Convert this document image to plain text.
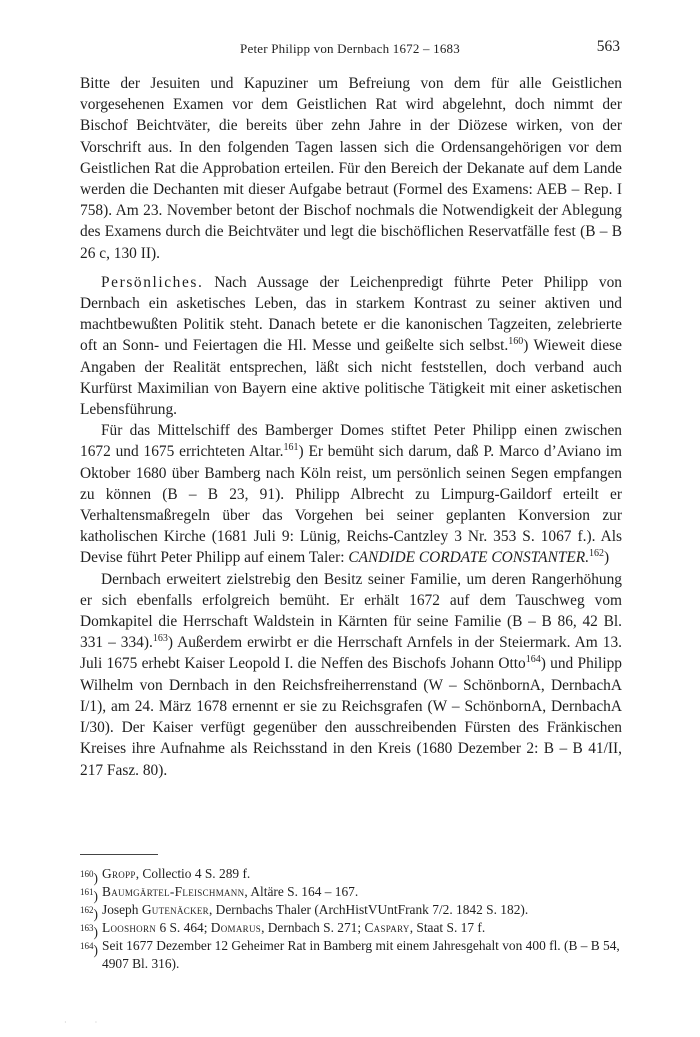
Peter Philipp von Dernbach 1672 – 1683	563

Bitte der Jesuiten und Kapuziner um Befreiung von dem für alle Geistlichen vorgesehenen Examen vor dem Geistlichen Rat wird abgelehnt, doch nimmt der Bischof Beichtväter, die bereits über zehn Jahre in der Diözese wirken, von der Vorschrift aus. In den folgenden Tagen lassen sich die Ordensangehörigen vor dem Geistlichen Rat die Approbation erteilen. Für den Bereich der Dekanate auf dem Lande werden die Dechanten mit dieser Aufgabe betraut (Formel des Examens: AEB – Rep. I 758). Am 23. November betont der Bischof nochmals die Notwendigkeit der Ablegung des Examens durch die Beichtväter und legt die bischöflichen Reservatfälle fest (B – B 26 c, 130 II).

Persönliches. Nach Aussage der Leichenpredigt führte Peter Philipp von Dernbach ein asketisches Leben, das in starkem Kontrast zu seiner aktiven und machtbewußten Politik steht. Danach betete er die kanonischen Tagzeiten, zelebrierte oft an Sonn- und Feiertagen die Hl. Messe und geißelte sich selbst.$^{160}$) Wieweit diese Angaben der Realität entsprechen, läßt sich nicht feststellen, doch verband auch Kurfürst Maximilian von Bayern eine aktive politische Tätigkeit mit einer asketischen Lebensführung.

Für das Mittelschiff des Bamberger Domes stiftet Peter Philipp einen zwischen 1672 und 1675 errichteten Altar.$^{161}$) Er bemüht sich darum, daß P. Marco d’Aviano im Oktober 1680 über Bamberg nach Köln reist, um persönlich seinen Segen empfangen zu können (B – B 23, 91). Philipp Albrecht zu Limpurg-Gaildorf erteilt er Verhaltensmaßregeln über das Vorgehen bei seiner geplanten Konversion zur katholischen Kirche (1681 Juli 9: Lünig, Reichs-Cantzley 3 Nr. 353 S. 1067 f.). Als Devise führt Peter Philipp auf einem Taler: CANDIDE CORDATE CONSTANTER.$^{162}$)

Dernbach erweitert zielstrebig den Besitz seiner Familie, um deren Rangerhöhung er sich ebenfalls erfolgreich bemüht. Er erhält 1672 auf dem Tauschweg vom Domkapitel die Herrschaft Waldstein in Kärnten für seine Familie (B – B 86, 42 Bl. 331 – 334).$^{163}$) Außerdem erwirbt er die Herrschaft Arnfels in der Steiermark. Am 13. Juli 1675 erhebt Kaiser Leopold I. die Neffen des Bischofs Johann Otto$^{164}$) und Philipp Wilhelm von Dernbach in den Reichsfreiherrenstand (W – SchönbornA, DernbachA I/1), am 24. März 1678 ernennt er sie zu Reichsgrafen (W – SchönbornA, DernbachA I/30). Der Kaiser verfügt gegenüber den ausschreibenden Fürsten des Fränkischen Kreises ihre Aufnahme als Reichsstand in den Kreis (1680 Dezember 2: B – B 41/II, 217 Fasz. 80).

$^{160}$) Gropp, Collectio 4 S. 289 f.
$^{161}$) Baumgärtel-Fleischmann, Altäre S. 164 – 167.
$^{162}$) Joseph Gutenäcker, Dernbachs Thaler (ArchHistVUntFrank 7/2. 1842 S. 182).
$^{163}$) Looshorn 6 S. 464; Domarus, Dernbach S. 271; Caspary, Staat S. 17 f.
$^{164}$) Seit 1677 Dezember 12 Geheimer Rat in Bamberg mit einem Jahresgehalt von 400 fl. (B – B 54, 4907 Bl. 316).
·              ·
